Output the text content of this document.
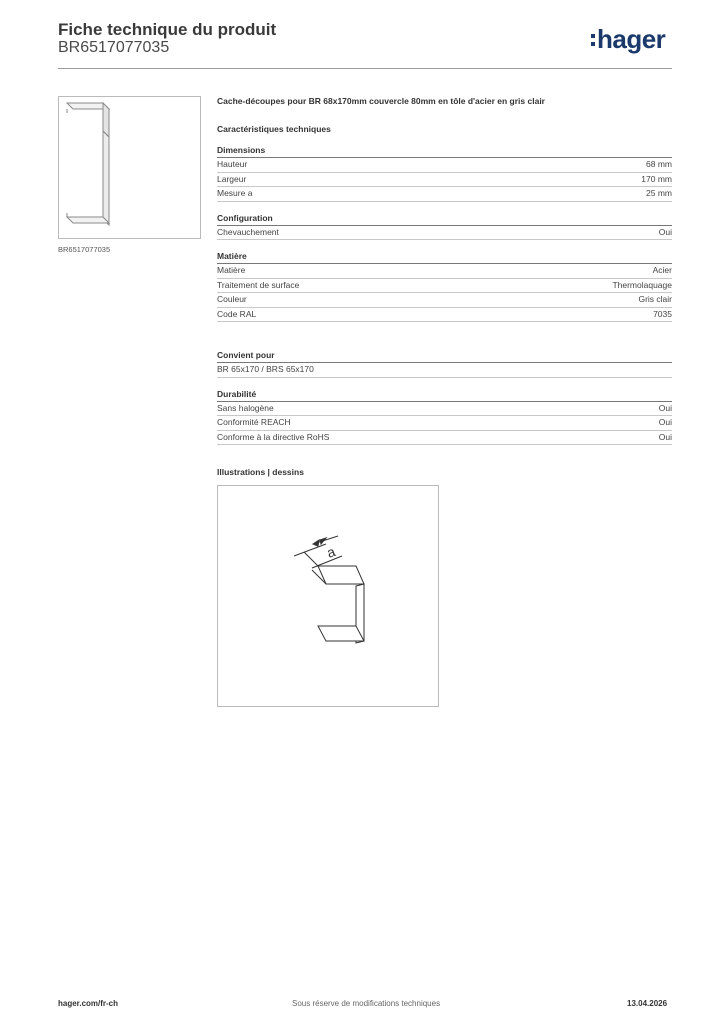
Fiche technique du produit
BR6517077035	hager
BR6517077035
Cache-découpes pour BR 68x170mm couvercle 80mm en tôle d'acier en gris clair
Caractéristiques techniques
Dimensions
Hauteur	68 mm
Largeur	170 mm
Mesure a	25 mm
Configuration
Chevauchement	Oui
Matière
Matière	Acier
Traitement de surface	Thermolaquage
Couleur	Gris clair
Code RAL	7035
Convient pour
BR 65x170 / BRS 65x170
Durabilité
Sans halogène	Oui
Conformité REACH	Oui
Conforme à la directive RoHS	Oui
Illustrations | dessins
a
hager.com/fr-ch	Sous réserve de modifications techniques	13.04.2026
